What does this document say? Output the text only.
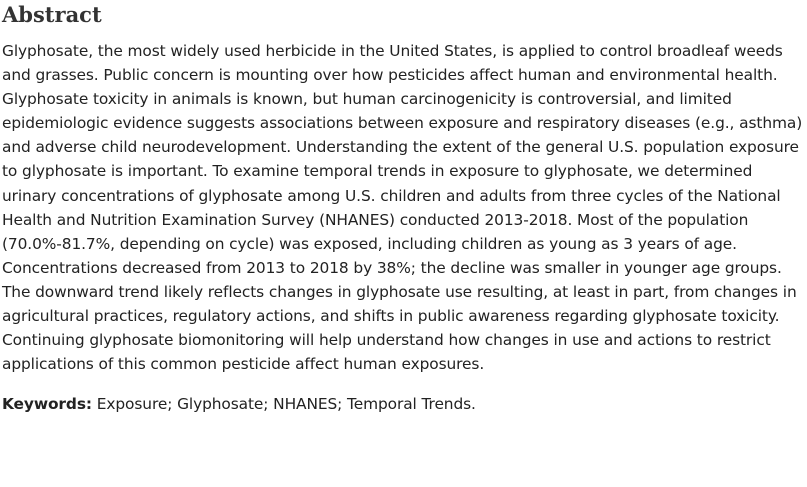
Abstract

Glyphosate, the most widely used herbicide in the United States, is applied to control broadleaf weeds and grasses. Public concern is mounting over how pesticides affect human and environmental health. Glyphosate toxicity in animals is known, but human carcinogenicity is controversial, and limited epidemiologic evidence suggests associations between exposure and respiratory diseases (e.g., asthma) and adverse child neurodevelopment. Understanding the extent of the general U.S. population exposure to glyphosate is important. To examine temporal trends in exposure to glyphosate, we determined urinary concentrations of glyphosate among U.S. children and adults from three cycles of the National Health and Nutrition Examination Survey (NHANES) conducted 2013-2018. Most of the population (70.0%-81.7%, depending on cycle) was exposed, including children as young as 3 years of age. Concentrations decreased from 2013 to 2018 by 38%; the decline was smaller in younger age groups. The downward trend likely reflects changes in glyphosate use resulting, at least in part, from changes in agricultural practices, regulatory actions, and shifts in public awareness regarding glyphosate toxicity. Continuing glyphosate biomonitoring will help understand how changes in use and actions to restrict applications of this common pesticide affect human exposures.

Keywords: Exposure; Glyphosate; NHANES; Temporal Trends.
